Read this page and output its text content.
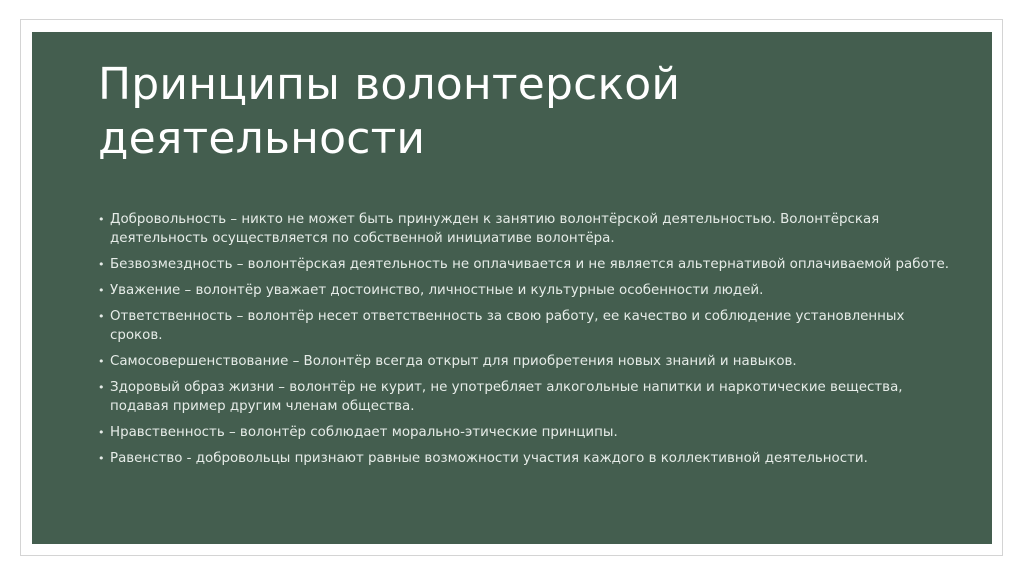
Принципы волонтерской
деятельности
• Добровольность – никто не может быть принужден к занятию волонтёрской деятельностью. Волонтёрская деятельность осуществляется по собственной инициативе волонтёра.
• Безвозмездность – волонтёрская деятельность не оплачивается и не является альтернативой оплачиваемой работе.
• Уважение – волонтёр уважает достоинство, личностные и культурные особенности людей.
• Ответственность – волонтёр несет ответственность за свою работу, ее качество и соблюдение установленных сроков.
• Самосовершенствование – Волонтёр всегда открыт для приобретения новых знаний и навыков.
• Здоровый образ жизни – волонтёр не курит, не употребляет алкогольные напитки и наркотические вещества, подавая пример другим членам общества.
• Нравственность – волонтёр соблюдает морально-этические принципы.
• Равенство - добровольцы признают равные возможности участия каждого в коллективной деятельности.
